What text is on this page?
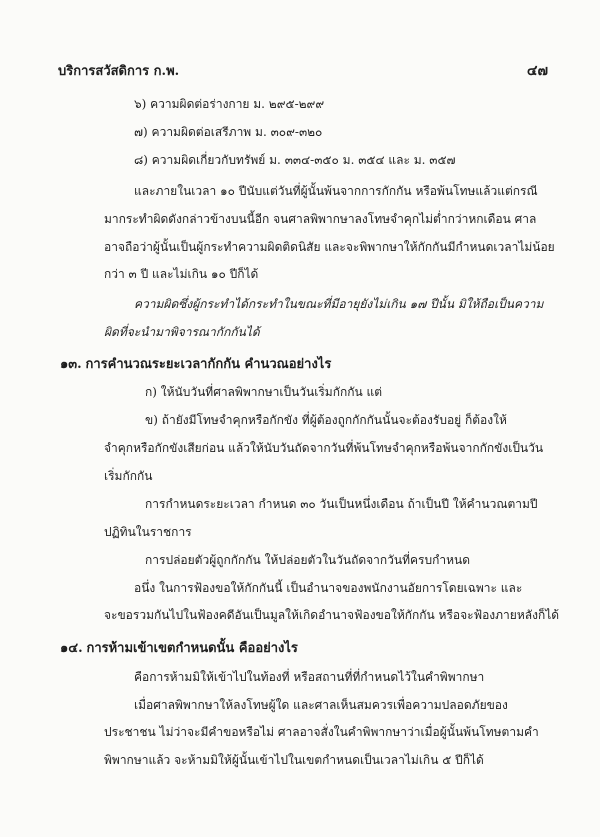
บริการสวัสดิการ ก.พ.	๔๗
๖) ความผิดต่อร่างกาย ม. ๒๙๕-๒๙๙
๗) ความผิดต่อเสรีภาพ ม. ๓๐๙-๓๒๐
๘) ความผิดเกี่ยวกับทรัพย์ ม. ๓๓๔-๓๕๐ ม. ๓๕๔ และ ม. ๓๕๗
และภายในเวลา ๑๐ ปีนับแต่วันที่ผู้นั้นพ้นจากการกักกัน หรือพ้นโทษแล้วแต่กรณี
มากระทำผิดดังกล่าวข้างบนนี้อีก จนศาลพิพากษาลงโทษจำคุกไม่ต่ำกว่าหกเดือน ศาล
อาจถือว่าผู้นั้นเป็นผู้กระทำความผิดติดนิสัย และจะพิพากษาให้กักกันมีกำหนดเวลาไม่น้อย
กว่า ๓ ปี และไม่เกิน ๑๐ ปีก็ได้
ความผิดซึ่งผู้กระทำได้กระทำในขณะที่มีอายุยังไม่เกิน ๑๗ ปีนั้น มิให้ถือเป็นความ
ผิดที่จะนำมาพิจารณากักกันได้
๑๓. การคำนวณระยะเวลากักกัน คำนวณอย่างไร
ก) ให้นับวันที่ศาลพิพากษาเป็นวันเริ่มกักกัน แต่
ข) ถ้ายังมีโทษจำคุกหรือกักขัง ที่ผู้ต้องถูกกักกันนั้นจะต้องรับอยู่ ก็ต้องให้
จำคุกหรือกักขังเสียก่อน แล้วให้นับวันถัดจากวันที่พ้นโทษจำคุกหรือพ้นจากกักขังเป็นวัน
เริ่มกักกัน
การกำหนดระยะเวลา กำหนด ๓๐ วันเป็นหนึ่งเดือน ถ้าเป็นปี ให้คำนวณตามปี
ปฏิทินในราชการ
การปล่อยตัวผู้ถูกกักกัน ให้ปล่อยตัวในวันถัดจากวันที่ครบกำหนด
อนึ่ง ในการฟ้องขอให้กักกันนี้ เป็นอำนาจของพนักงานอัยการโดยเฉพาะ และ
จะขอรวมกันไปในฟ้องคดีอันเป็นมูลให้เกิดอำนาจฟ้องขอให้กักกัน หรือจะฟ้องภายหลังก็ได้
๑๔. การห้ามเข้าเขตกำหนดนั้น คืออย่างไร
คือการห้ามมิให้เข้าไปในท้องที่ หรือสถานที่ที่กำหนดไว้ในคำพิพากษา
เมื่อศาลพิพากษาให้ลงโทษผู้ใด และศาลเห็นสมควรเพื่อความปลอดภัยของ
ประชาชน ไม่ว่าจะมีคำขอหรือไม่ ศาลอาจสั่งในคำพิพากษาว่าเมื่อผู้นั้นพ้นโทษตามคำ
พิพากษาแล้ว จะห้ามมิให้ผู้นั้นเข้าไปในเขตกำหนดเป็นเวลาไม่เกิน ๕ ปีก็ได้
